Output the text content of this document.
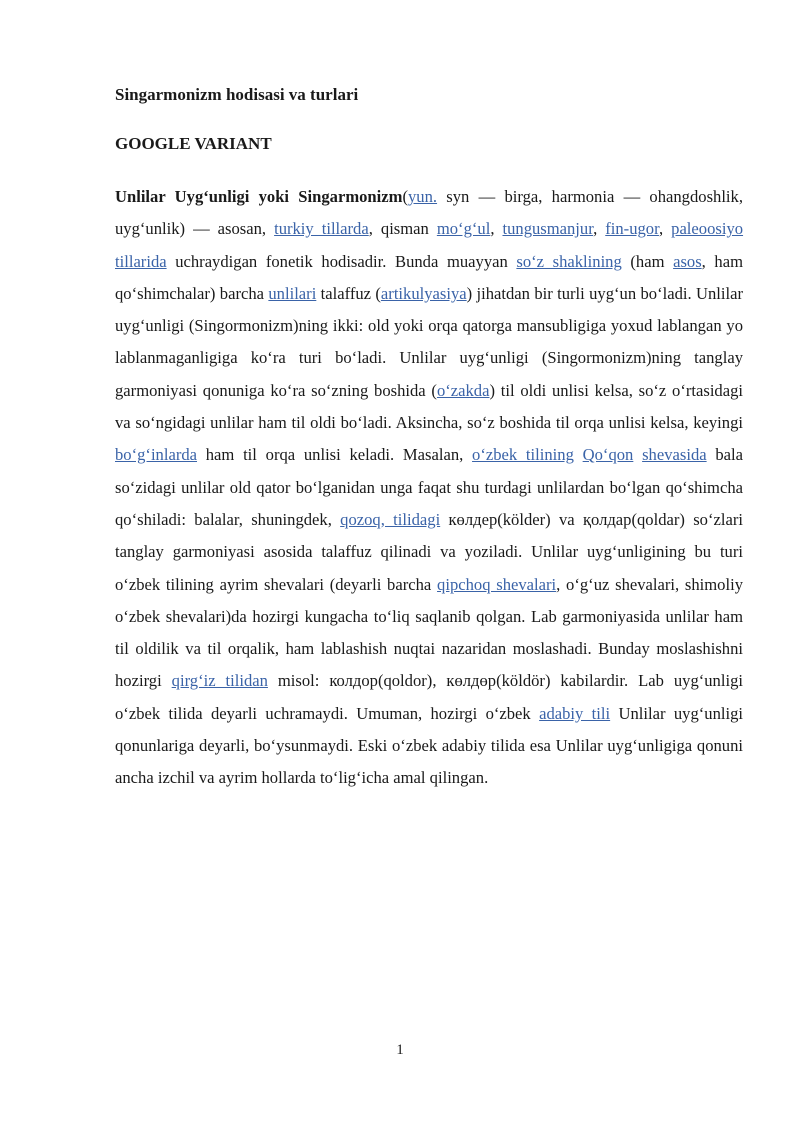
Singarmonizm hodisasi va turlari

GOOGLE VARIANT

Unlilar Uyg‘unligi yoki Singarmonizm(yun. syn — birga, harmonia — ohangdoshlik, uyg‘unlik) — asosan, turkiy tillarda, qisman mo‘g‘ul, tungusmanjur, fin-ugor, paleoosiyo tillarida uchraydigan fonetik hodisadir. Bunda muayyan so‘z shaklining (ham asos, ham qo‘shimchalar) barcha unlilari talaffuz (artikulyasiya) jihatdan bir turli uyg‘un bo‘ladi. Unlilar uyg‘unligi (Singormonizm)ning ikki: old yoki orqa qatorga mansubligiga yoxud lablangan yo lablanmaganligiga ko‘ra turi bo‘ladi. Unlilar uyg‘unligi (Singormonizm)ning tanglay garmoniyasi qonuniga ko‘ra so‘zning boshida (o‘zakda) til oldi unlisi kelsa, so‘z o‘rtasidagi va so‘ngidagi unlilar ham til oldi bo‘ladi. Aksincha, so‘z boshida til orqa unlisi kelsa, keyingi bo‘g‘inlarda ham til orqa unlisi keladi. Masalan, o‘zbek tilining Qo‘qon shevasida bala so‘zidagi unlilar old qator bo‘lganidan unga faqat shu turdagi unlilardan bo‘lgan qo‘shimcha qo‘shiladi: balalar, shuningdek, qozoq, tilidagi көлдер(kölder) va қолдар(qoldar) so‘zlari tanglay garmoniyasi asosida talaffuz qilinadi va yoziladi. Unlilar uyg‘unligining bu turi o‘zbek tilining ayrim shevalari (deyarli barcha qipchoq shevalari, o‘g‘uz shevalari, shimoliy o‘zbek shevalari)da hozirgi kungacha to‘liq saqlanib qolgan. Lab garmoniyasida unlilar ham til oldilik va til orqalik, ham lablashish nuqtai nazaridan moslashadi. Bunday moslashishni hozirgi qirg‘iz tilidan misol: колдор(qoldor), көлдөр(köldör) kabilardir. Lab uyg‘unligi o‘zbek tilida deyarli uchramaydi. Umuman, hozirgi o‘zbek adabiy tili Unlilar uyg‘unligi qonunlariga deyarli, bo‘ysunmaydi. Eski o‘zbek adabiy tilida esa Unlilar uyg‘unligiga qonuni ancha izchil va ayrim hollarda to‘lig‘icha amal qilingan.

1
